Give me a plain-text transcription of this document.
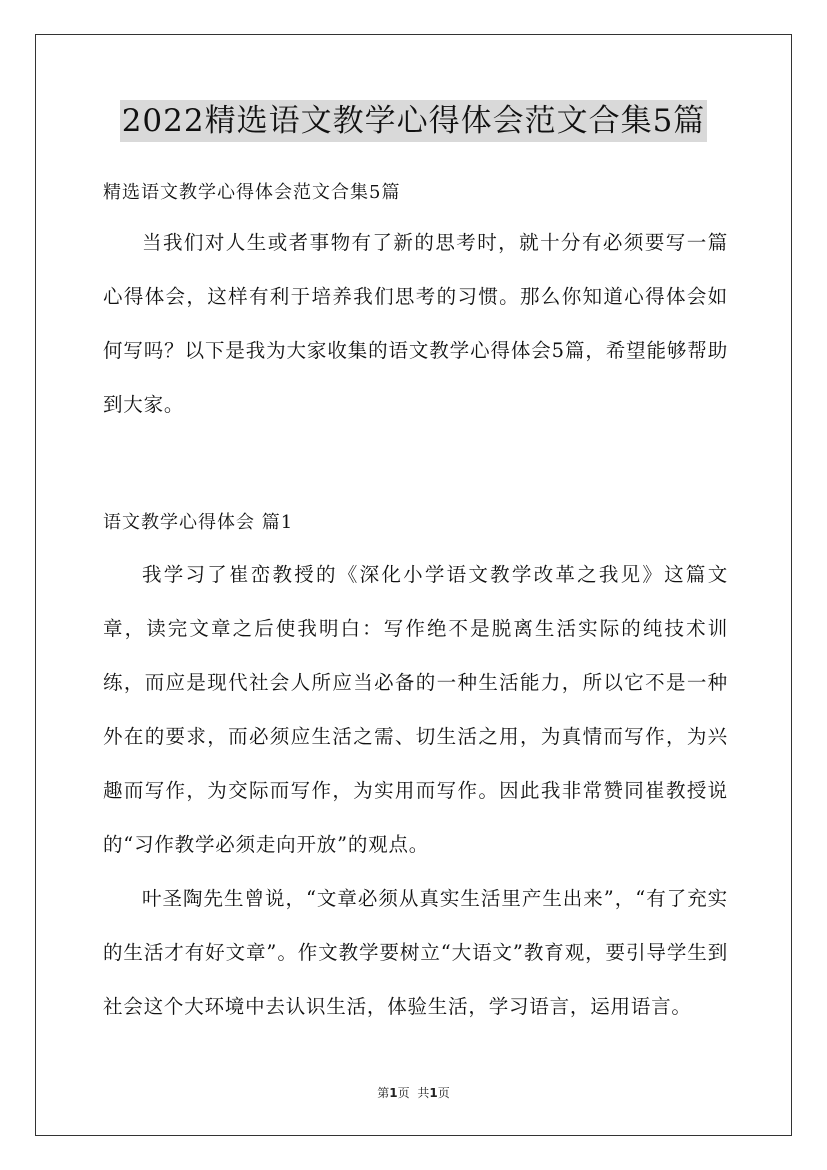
2022精选语文教学心得体会范文合集5篇

精选语文教学心得体会范文合集5篇

当我们对人生或者事物有了新的思考时，就十分有必须要写一篇心得体会，这样有利于培养我们思考的习惯。那么你知道心得体会如何写吗？以下是我为大家收集的语文教学心得体会5篇，希望能够帮助到大家。

语文教学心得体会 篇1

我学习了崔峦教授的《深化小学语文教学改革之我见》这篇文章，读完文章之后使我明白：写作绝不是脱离生活实际的纯技术训练，而应是现代社会人所应当必备的一种生活能力，所以它不是一种外在的要求，而必须应生活之需、切生活之用，为真情而写作，为兴趣而写作，为交际而写作，为实用而写作。因此我非常赞同崔教授说的“习作教学必须走向开放”的观点。

叶圣陶先生曾说，“文章必须从真实生活里产生出来”，“有了充实的生活才有好文章”。作文教学要树立“大语文”教育观，要引导学生到社会这个大环境中去认识生活，体验生活，学习语言，运用语言。

第1页 共1页
